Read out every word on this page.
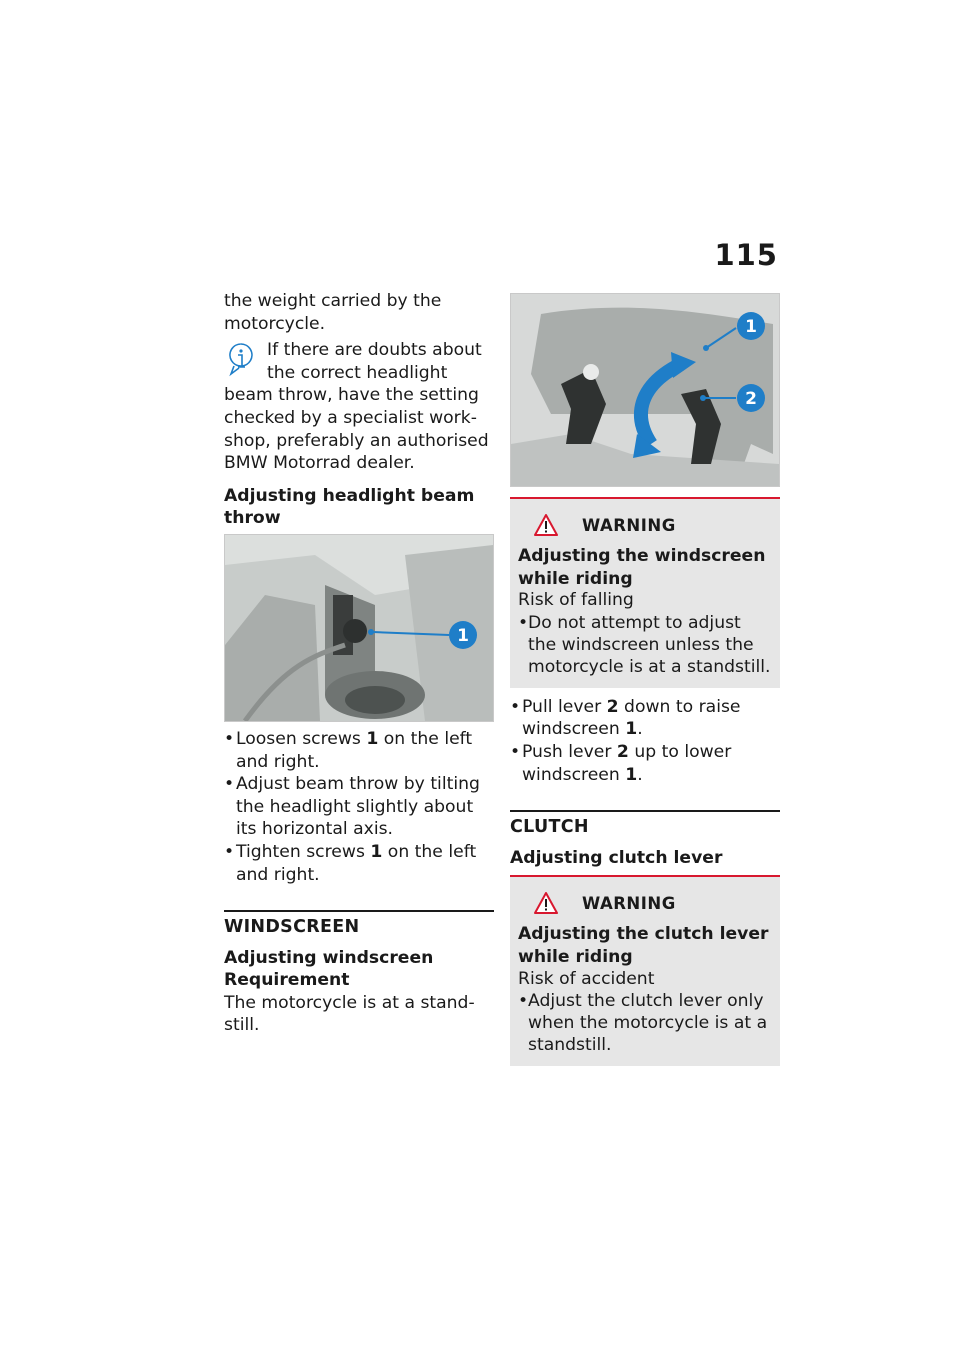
115

the weight carried by the motorcycle.

If there are doubts about the correct headlight

beam throw, have the setting checked by a specialist work-shop, preferably an authorised BMW Motorrad dealer.

Adjusting headlight beam throw
1
• Loosen screws 1 on the left and right.
• Adjust beam throw by tilting the headlight slightly about its horizontal axis.
• Tighten screws 1 on the left and right.
WINDSCREEN
Adjusting windscreen
Requirement

The motorcycle is at a stand-still.

1
2
WARNING
Adjusting the windscreen while riding

Risk of falling

• Do not attempt to adjust the windscreen unless the motorcycle is at a standstill.
• Pull lever 2 down to raise windscreen 1.
• Push lever 2 up to lower windscreen 1.
CLUTCH
Adjusting clutch lever
WARNING
Adjusting the clutch lever while riding

Risk of accident

• Adjust the clutch lever only when the motorcycle is at a standstill.
